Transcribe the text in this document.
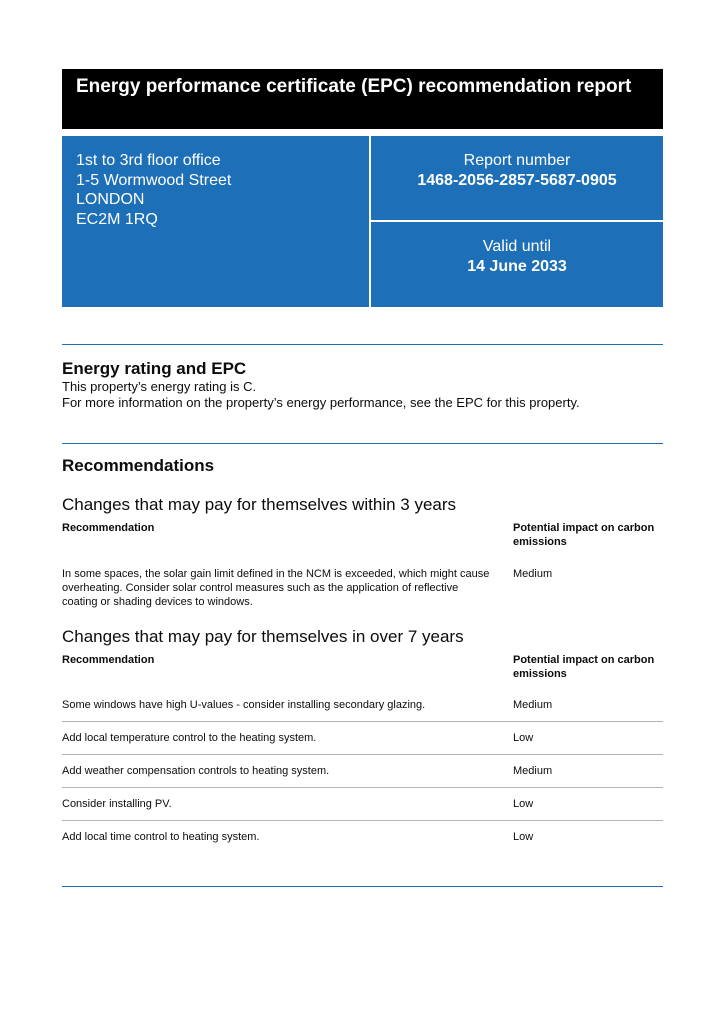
Energy performance certificate (EPC) recommendation report
1st to 3rd floor office
1-5 Wormwood Street
LONDON
EC2M 1RQ
Report number
1468-2056-2857-5687-0905
Valid until
14 June 2033
Energy rating and EPC

This property’s energy rating is C.

For more information on the property’s energy performance, see the EPC for this property.

Recommendations
Changes that may pay for themselves within 3 years
Recommendation	Potential impact on carbon emissions

In some spaces, the solar gain limit defined in the NCM is exceeded, which might cause overheating. Consider solar control measures such as the application of reflective coating or shading devices to windows.	Medium
Changes that may pay for themselves in over 7 years
Recommendation	Potential impact on carbon emissions
Some windows have high U-values - consider installing secondary glazing.	Medium
Add local temperature control to the heating system.	Low
Add weather compensation controls to heating system.	Medium
Consider installing PV.	Low
Add local time control to heating system.	Low
